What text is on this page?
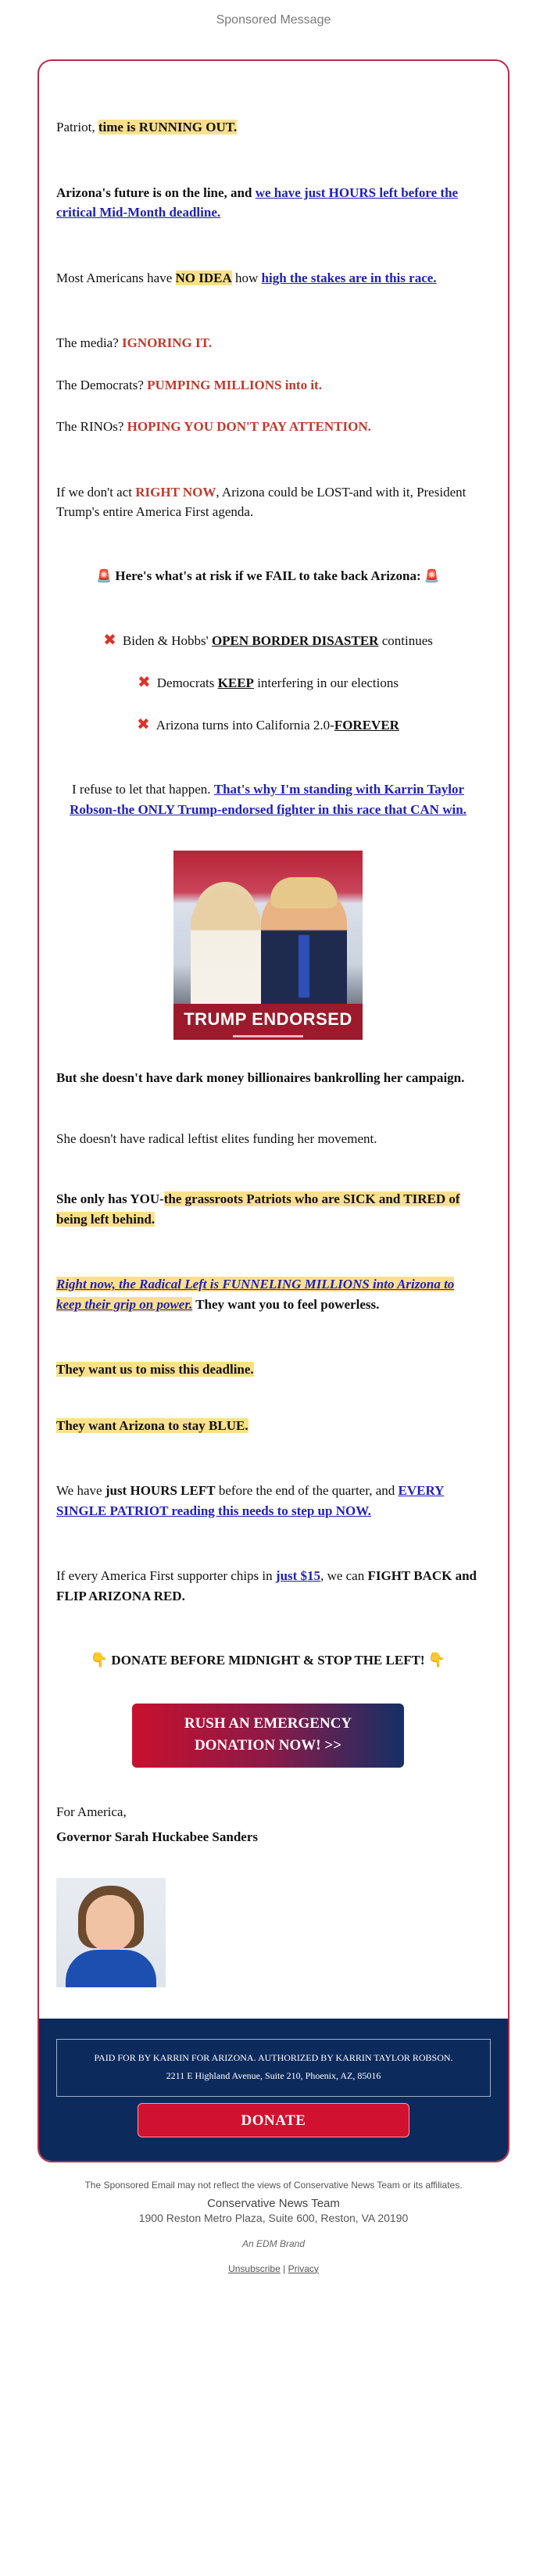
Sponsored Message

Patriot, time is RUNNING OUT.

Arizona's future is on the line, and we have just HOURS left before the critical Mid-Month deadline.

Most Americans have NO IDEA how high the stakes are in this race.

The media? IGNORING IT.

The Democrats? PUMPING MILLIONS into it.

The RINOs? HOPING YOU DON'T PAY ATTENTION.

If we don't act RIGHT NOW, Arizona could be LOST-and with it, President Trump's entire America First agenda.

🚨 Here's what's at risk if we FAIL to take back Arizona: 🚨

✖ Biden & Hobbs' OPEN BORDER DISASTER continues

✖ Democrats KEEP interfering in our elections

✖ Arizona turns into California 2.0-FOREVER

I refuse to let that happen. That's why I'm standing with Karrin Taylor Robson-the ONLY Trump-endorsed fighter in this race that CAN win.

TRUMP ENDORSED

But she doesn't have dark money billionaires bankrolling her campaign.

She doesn't have radical leftist elites funding her movement.

She only has YOU-the grassroots Patriots who are SICK and TIRED of being left behind.

Right now, the Radical Left is FUNNELING MILLIONS into Arizona to keep their grip on power. They want you to feel powerless.

They want us to miss this deadline.

They want Arizona to stay BLUE.

We have just HOURS LEFT before the end of the quarter, and EVERY SINGLE PATRIOT reading this needs to step up NOW.

If every America First supporter chips in just $15, we can FIGHT BACK and FLIP ARIZONA RED.

👇 DONATE BEFORE MIDNIGHT & STOP THE LEFT! 👇

RUSH AN EMERGENCY
DONATION NOW! >>

For America,

Governor Sarah Huckabee Sanders

PAID FOR BY KARRIN FOR ARIZONA. AUTHORIZED BY KARRIN TAYLOR ROBSON.
2211 E Highland Avenue, Suite 210, Phoenix, AZ, 85016
DONATE
The Sponsored Email may not reflect the views of Conservative News Team or its affiliates.
Conservative News Team
1900 Reston Metro Plaza, Suite 600, Reston, VA 20190
An EDM Brand
Unsubscribe | Privacy
